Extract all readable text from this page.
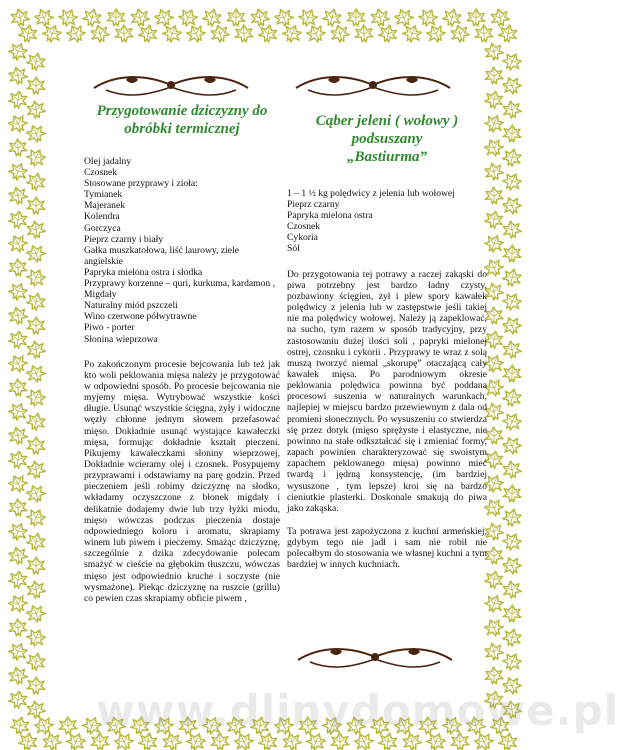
Przygotowanie dziczyzny do obróbki termicznej
Olej jadalny
Czosnek
Stosowane przyprawy i zioła:
Tymianek
Majeranek
Kolendra
Gorczyca
Pieprz czarny i biały
Gałka muszkatołowa, liść laurowy, ziele angielskie
Papryka mielona ostra i słodka
Przyprawy korzenne – quri, kurkuma, kardamon ,
Migdały
Naturalny miód pszczeli
Wino czerwone półwytrawne
Piwo - porter
Słonina wieprzowa

Po zakończonym procesie bejcowania lub też jak kto woli peklowania mięsa należy je przygotować w odpowiedni sposób. Po procesie bejcowania nie myjemy mięsa. Wytrybować wszystkie kości długie. Usunąć wszystkie ścięgna, żyły i widoczne węzły chłonne jednym słowem przefasować mięso. Dokładnie usunąć wystające kawałeczki mięsa, formując dokładnie kształt pieczeni. Pikujemy kawałeczkami słoniny wieprzowej, Dokładnie wcieramy olej i czosnek. Posypujemy przyprawami i odstawiamy na parę godzin. Przed pieczeniem jeśli robimy dziczyznę na słodko, wkładamy oczyszczone z błonek migdały i delikatnie dodajemy dwie lub trzy łyżki miodu, mięso wówczas podczas pieczenia dostaje odpowiedniego koloru i aromatu, skrapiamy winem lub piwem i pieczemy. Smażąc dziczyznę, szczególnie z dzika zdecydowanie polecam smażyć w cieście na głębokim tłuszczu, wówczas mięso jest odpowiednio kruche i soczyste (nie wysmażone). Piekąc dziczyznę na ruszcie (grillu) co pewien czas skrapiamy obficie piwem ,

Cąber jeleni ( wołowy ) podsuszany
„Bastiurma”
1 – 1 ½ kg polędwicy z jelenia lub wołowej
Pieprz czarny
Papryka mielona ostra
Czosnek
Cykoria
Sól

Do przygotowania tej potrawy a raczej zakąski do piwa potrzebny jest bardzo ładny czysty, pozbawiony ścięgien, żył i plew spory kawałek polędwicy z jelenia lub w zastępstwie jeśli takiej nie ma polędwicy wołowej. Należy ją zapeklować, na sucho, tym razem w sposób tradycyjny, przy zastosowaniu dużej ilości soli , papryki mielonej ostrej, czosnku i cykorii . Przyprawy te wraz z solą muszą tworzyć niemal „skorupę” otaczającą cały kawałek mięsa. Po parodniowym okresie peklowania polędwica powinna być poddana procesowi suszenia w naturalnych warunkach, najlepiej w miejscu bardzo przewiewnym z dala od promieni słonecznych. Po wysuszeniu co stwierdza się przez dotyk (mięso sprężyste i elastyczne, nie powinno na stałe odkształcać się i zmieniać formy, zapach powinien charakteryzować się swoistym zapachem peklowanego mięsa) powinno mieć twardą i jędrną konsystencję, (im bardziej wysuszone , tym lepsze) kroi się na bardzo cieniutkie plasterki. Doskonale smakują do piwa jako zakąska.

Ta potrawa jest zapożyczona z kuchni armeńskiej, gdybym tego nie jadł i sam nie robił nie polecałbym do stosowania we własnej kuchni a tym bardziej w innych kuchniach.

www.dlinydomowe.pl
